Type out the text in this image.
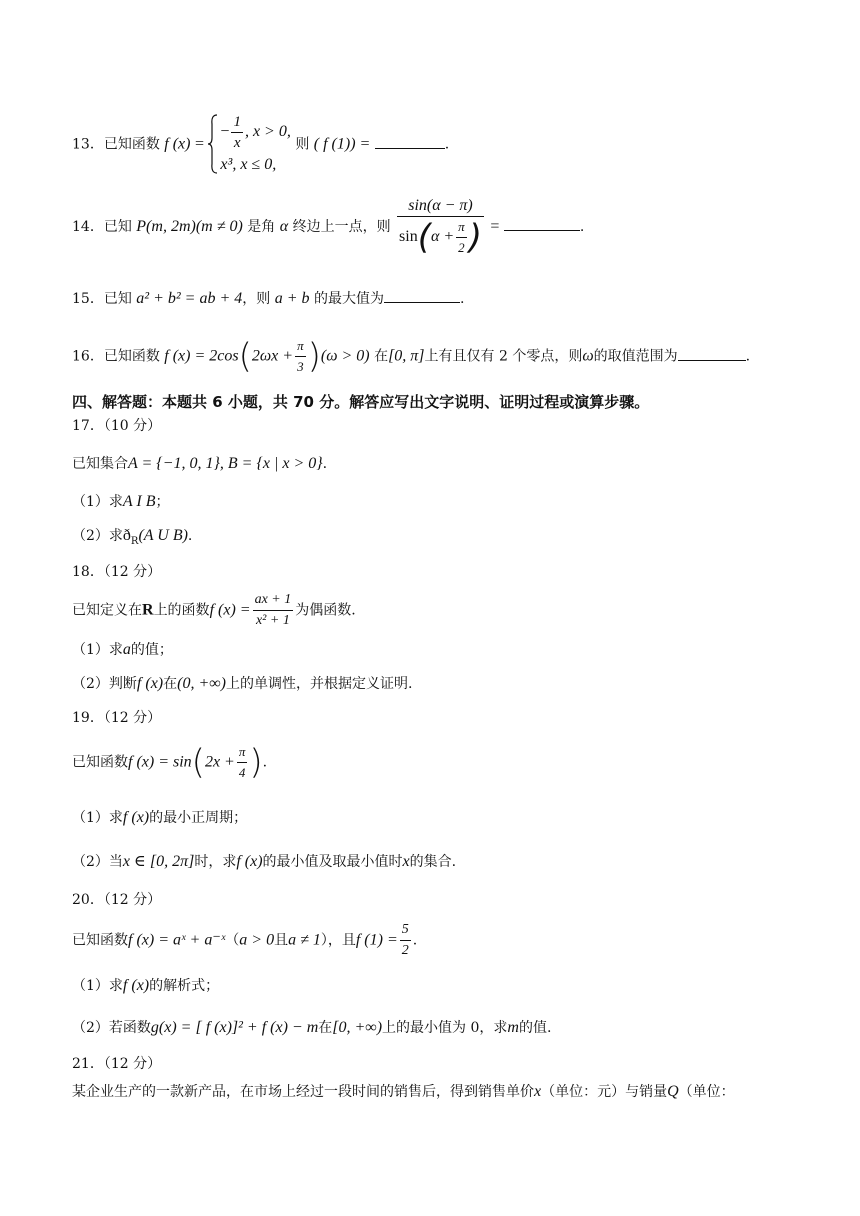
13．已知函数 f (x) =
− $\frac{1}{x}$ , x > 0,
x³, x ≤ 0,
则 ( f (1)) =	.
14．已知 P(m, 2m)(m ≠ 0) 是角 α 终边上一点，则 $\frac{\sin(\alpha - \pi)}{\sin(\alpha + \frac{\pi}{2} )}$ =	.
15．已知 a² + b² = ab + 4，则 a + b 的最大值为	.
16．已知函数 f $(x) = 2\cos(2\omega x + \frac{\pi}{3} )(\omega > 0)$ 在[0, π]上有且仅有 2 个零点，则ω的取值范围为	.
四、解答题：本题共 6 小题，共 70 分。解答应写出文字说明、证明过程或演算步骤。
17．（10 分）
已知集合A = {−1, 0, 1}, B = {x | x > 0}.
（1）求A I B；
（2）求$ð_R(A$ U B).
18．（12 分）
已知定义在R上的函数f $(x) = \frac{ax + 1}{\text{x² + 1}}$ 为偶函数.
（1）求a的值；
（2）判断f (x)在(0, +∞)上的单调性，并根据定义证明.
19．（12 分）
已知函数f $(x) = \sin(2x + \frac{\pi}{4}$ ).
（1）求f (x)的最小正周期；
（2）当x ∈ [0, 2π]时，求f (x)的最小值及取最小值时x的集合.
20．（12 分）
已知函数f (x) = aˣ + a⁻ˣ（a > 0且a ≠ 1），且f $(1) = \frac{5}{2}$ .
（1）求f (x)的解析式；
（2）若函数g(x) = [ f (x)]² + f (x) − m在[0, +∞)上的最小值为 0，求m的值.
21．（12 分）
某企业生产的一款新产品，在市场上经过一段时间的销售后，得到销售单价x（单位：元）与销量Q（单位：
